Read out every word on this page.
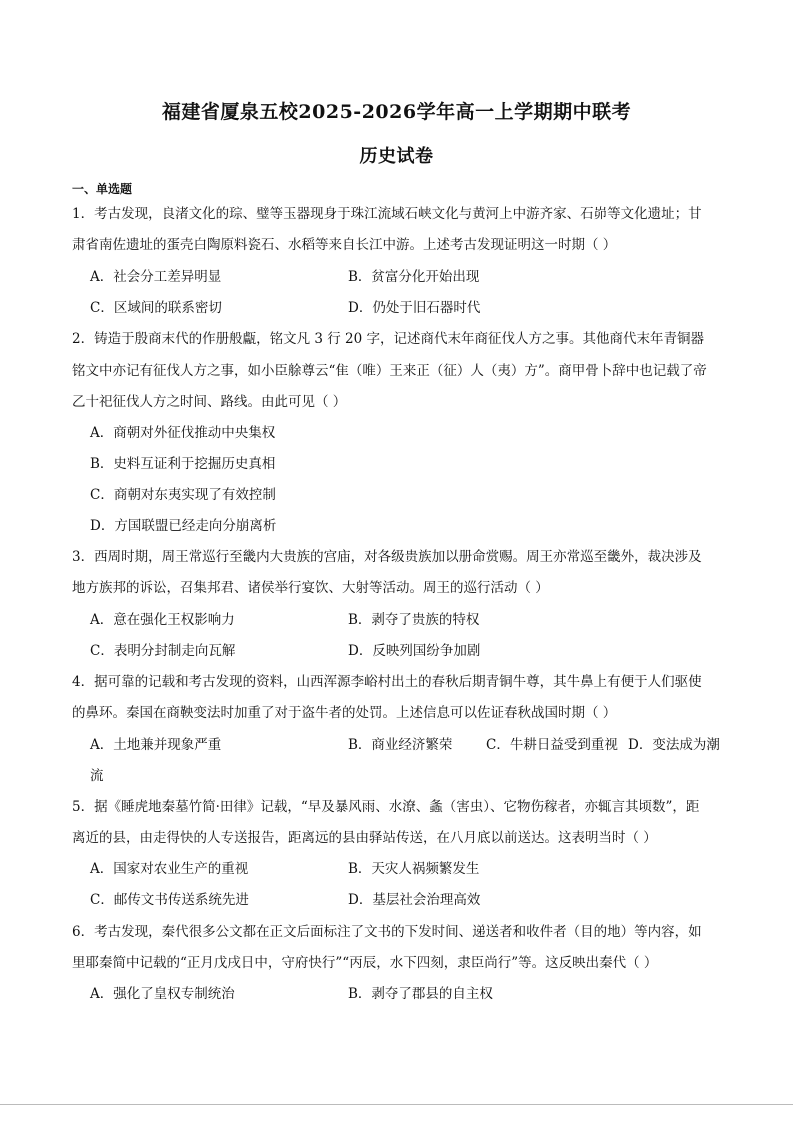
福建省厦泉五校2025-2026学年高一上学期期中联考
历史试卷
一、单选题
1．考古发现，良渚文化的琮、璧等玉器现身于珠江流域石峡文化与黄河上中游齐家、石峁等文化遗址；甘
肃省南佐遗址的蛋壳白陶原料瓷石、水稻等来自长江中游。上述考古发现证明这一时期（ ）
A．社会分工差异明显	B．贫富分化开始出现
C．区域间的联系密切	D．仍处于旧石器时代
2．铸造于殷商末代的作册般甗，铭文凡 3 行 20 字，记述商代末年商征伐人方之事。其他商代末年青铜器
铭文中亦记有征伐人方之事，如小臣艅尊云“隹（唯）王来正（征）人（夷）方”。商甲骨卜辞中也记载了帝
乙十祀征伐人方之时间、路线。由此可见（ ）
A．商朝对外征伐推动中央集权
B．史料互证利于挖掘历史真相
C．商朝对东夷实现了有效控制
D．方国联盟已经走向分崩离析
3．西周时期，周王常巡行至畿内大贵族的宫庙，对各级贵族加以册命赏赐。周王亦常巡至畿外，裁决涉及
地方族邦的诉讼，召集邦君、诸侯举行宴饮、大射等活动。周王的巡行活动（ ）
A．意在强化王权影响力	B．剥夺了贵族的特权
C．表明分封制走向瓦解	D．反映列国纷争加剧
4．据可靠的记载和考古发现的资料，山西浑源李峪村出土的春秋后期青铜牛尊，其牛鼻上有便于人们驱使
的鼻环。秦国在商鞅变法时加重了对于盗牛者的处罚。上述信息可以佐证春秋战国时期（ ）
A．土地兼并现象严重	B．商业经济繁荣 C．牛耕日益受到重视 D．变法成为潮
流
5．据《睡虎地秦墓竹简·田律》记载，“早及暴风雨、水潦、螽（害虫）、它物伤稼者，亦辄言其顷数”，距
离近的县，由走得快的人专送报告，距离远的县由驿站传送，在八月底以前送达。这表明当时（ ）
A．国家对农业生产的重视	B．天灾人祸频繁发生
C．邮传文书传送系统先进	D．基层社会治理高效
6．考古发现，秦代很多公文都在正文后面标注了文书的下发时间、递送者和收件者（目的地）等内容，如
里耶秦简中记载的“正月戊戌日中，守府快行”“丙辰，水下四刻，隶臣尚行”等。这反映出秦代（ ）
A．强化了皇权专制统治	B．剥夺了郡县的自主权
